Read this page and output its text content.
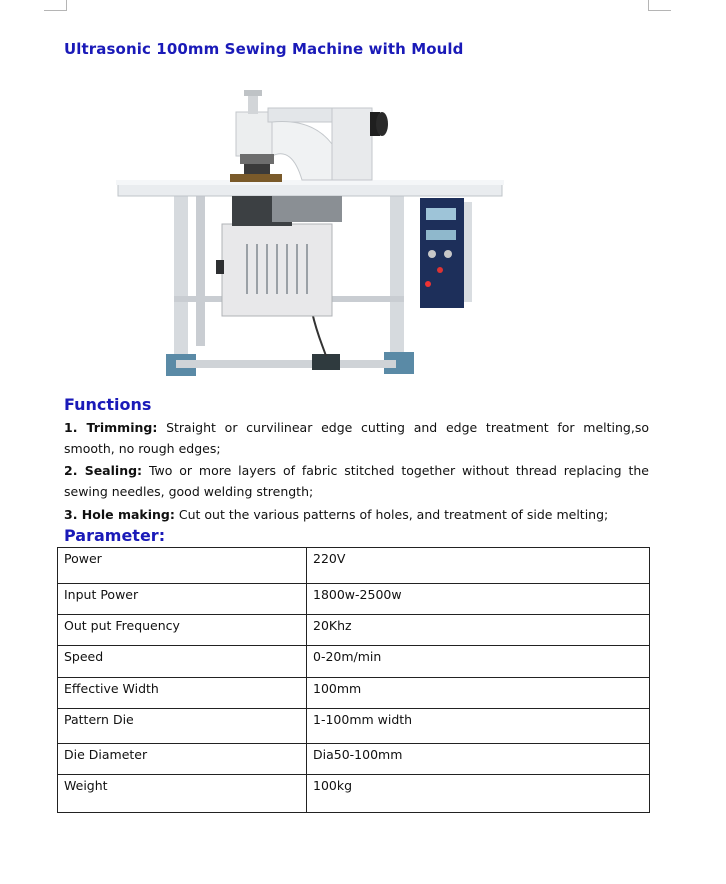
Ultrasonic 100mm Sewing Machine with Mould
Functions

1. Trimming: Straight or curvilinear edge cutting and edge treatment for melting,so smooth, no rough edges;

2. Sealing: Two or more layers of fabric stitched together without thread replacing the sewing needles, good welding strength;

3. Hole making: Cut out the various patterns of holes, and treatment of side melting;

Parameter:
Power	220V
Input Power	1800w-2500w
Out put Frequency	20Khz
Speed	0-20m/min
Effective Width	100mm
Pattern Die	1-100mm width
Die Diameter	Dia50-100mm
Weight	100kg
